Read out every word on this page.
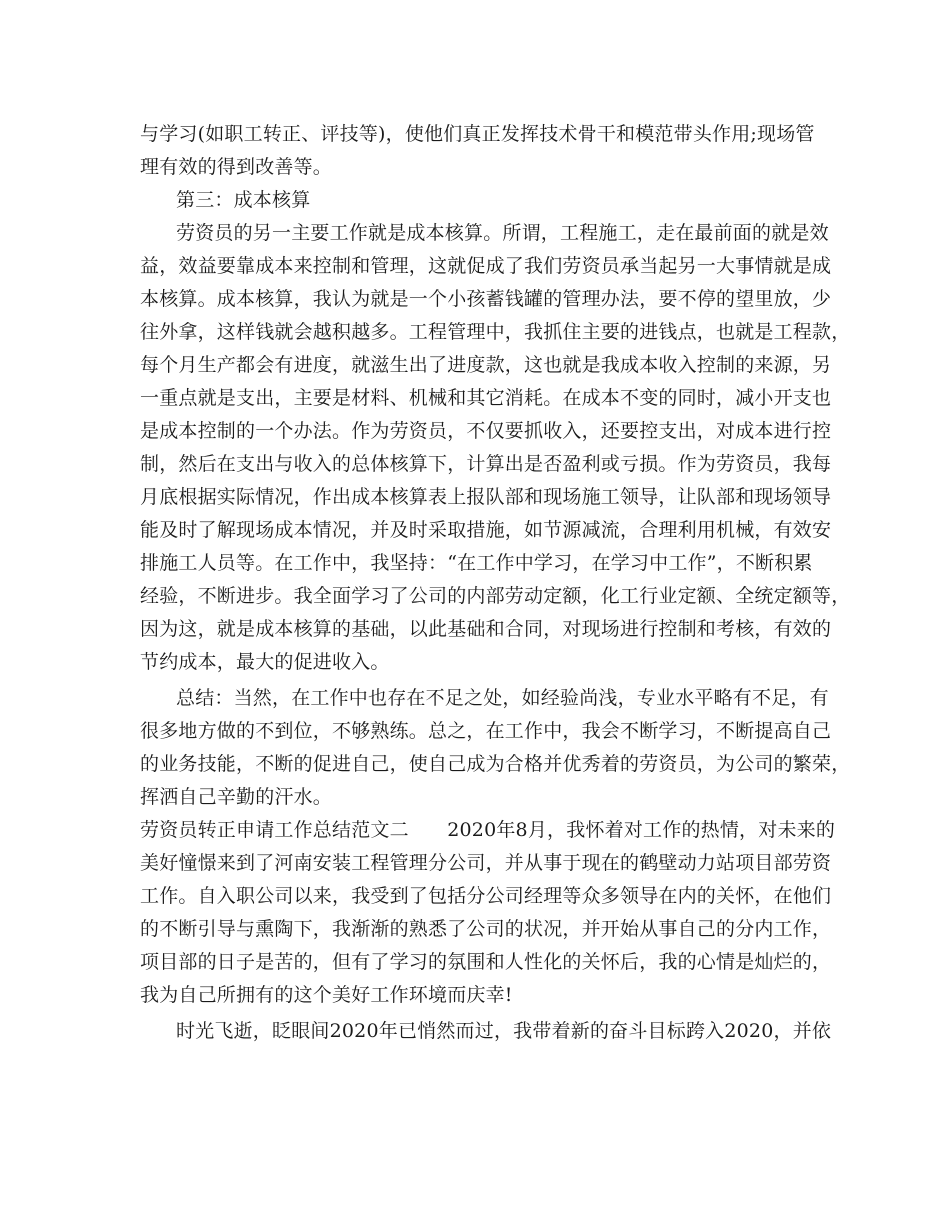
与学习(如职工转正、评技等)，使他们真正发挥技术骨干和模范带头作用;现场管
理有效的得到改善等。
第三：成本核算
劳资员的另一主要工作就是成本核算。所谓，工程施工，走在最前面的就是效
益，效益要靠成本来控制和管理，这就促成了我们劳资员承当起另一大事情就是成
本核算。成本核算，我认为就是一个小孩蓄钱罐的管理办法，要不停的望里放，少
往外拿，这样钱就会越积越多。工程管理中，我抓住主要的进钱点，也就是工程款，
每个月生产都会有进度，就滋生出了进度款，这也就是我成本收入控制的来源，另
一重点就是支出，主要是材料、机械和其它消耗。在成本不变的同时，减小开支也
是成本控制的一个办法。作为劳资员，不仅要抓收入，还要控支出，对成本进行控
制，然后在支出与收入的总体核算下，计算出是否盈利或亏损。作为劳资员，我每
月底根据实际情况，作出成本核算表上报队部和现场施工领导，让队部和现场领导
能及时了解现场成本情况，并及时采取措施，如节源减流，合理利用机械，有效安
排施工人员等。在工作中，我坚持：“在工作中学习，在学习中工作”，不断积累
经验，不断进步。我全面学习了公司的内部劳动定额，化工行业定额、全统定额等，
因为这，就是成本核算的基础，以此基础和合同，对现场进行控制和考核，有效的
节约成本，最大的促进收入。
总结：当然，在工作中也存在不足之处，如经验尚浅，专业水平略有不足，有
很多地方做的不到位，不够熟练。总之，在工作中，我会不断学习，不断提高自己
的业务技能，不断的促进自己，使自己成为合格并优秀着的劳资员，为公司的繁荣，
挥洒自己辛勤的汗水。
劳资员转正申请工作总结范文二　　2020年8月，我怀着对工作的热情，对未来的
美好憧憬来到了河南安装工程管理分公司，并从事于现在的鹤壁动力站项目部劳资
工作。自入职公司以来，我受到了包括分公司经理等众多领导在内的关怀，在他们
的不断引导与熏陶下，我渐渐的熟悉了公司的状况，并开始从事自己的分内工作，
项目部的日子是苦的，但有了学习的氛围和人性化的关怀后，我的心情是灿烂的，
我为自己所拥有的这个美好工作环境而庆幸!
时光飞逝，眨眼间2020年已悄然而过，我带着新的奋斗目标跨入2020，并依
